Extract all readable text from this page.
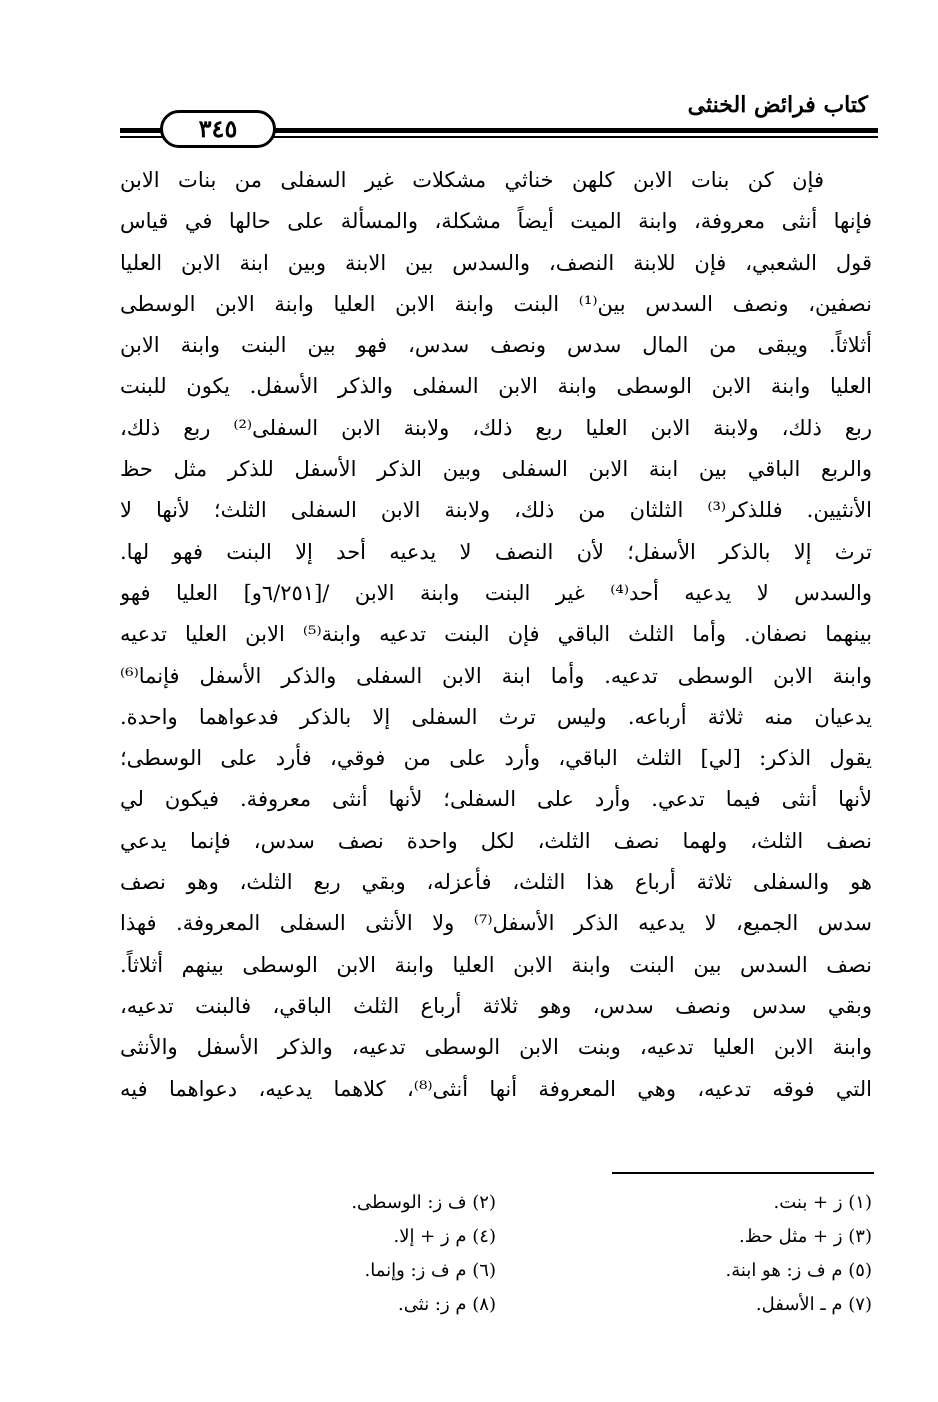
كتاب فرائض الخنثى
٣٤٥
فإن كن بنات الابن كلهن خناثي مشكلات غير السفلى من بنات الابن
فإنها أنثى معروفة، وابنة الميت أيضاً مشكلة، والمسألة على حالها في قياس
قول الشعبي، فإن للابنة النصف، والسدس بين الابنة وبين ابنة الابن العليا
نصفين، ونصف السدس بين⁽¹⁾ البنت وابنة الابن العليا وابنة الابن الوسطى
أثلاثاً. ويبقى من المال سدس ونصف سدس، فهو بين البنت وابنة الابن
العليا وابنة الابن الوسطى وابنة الابن السفلى والذكر الأسفل. يكون للبنت
ربع ذلك، ولابنة الابن العليا ربع ذلك، ولابنة الابن السفلى⁽²⁾ ربع ذلك،
والربع الباقي بين ابنة الابن السفلى وبين الذكر الأسفل للذكر مثل حظ
الأنثيين. فللذكر⁽³⁾ الثلثان من ذلك، ولابنة الابن السفلى الثلث؛ لأنها لا
ترث إلا بالذكر الأسفل؛ لأن النصف لا يدعيه أحد إلا البنت فهو لها.
والسدس لا يدعيه أحد⁽⁴⁾ غير البنت وابنة الابن /[٦/٢٥١و] العليا فهو
بينهما نصفان. وأما الثلث الباقي فإن البنت تدعيه وابنة⁽⁵⁾ الابن العليا تدعيه
وابنة الابن الوسطى تدعيه. وأما ابنة الابن السفلى والذكر الأسفل فإنما⁽⁶⁾
يدعيان منه ثلاثة أرباعه. وليس ترث السفلى إلا بالذكر فدعواهما واحدة.
يقول الذكر: [لي] الثلث الباقي، وأرد على من فوقي، فأرد على الوسطى؛
لأنها أنثى فيما تدعي. وأرد على السفلى؛ لأنها أنثى معروفة. فيكون لي
نصف الثلث، ولهما نصف الثلث، لكل واحدة نصف سدس، فإنما يدعي
هو والسفلى ثلاثة أرباع هذا الثلث، فأعزله، وبقي ربع الثلث، وهو نصف
سدس الجميع، لا يدعيه الذكر الأسفل⁽⁷⁾ ولا الأنثى السفلى المعروفة. فهذا
نصف السدس بين البنت وابنة الابن العليا وابنة الابن الوسطى بينهم أثلاثاً.
وبقي سدس ونصف سدس، وهو ثلاثة أرباع الثلث الباقي، فالبنت تدعيه،
وابنة الابن العليا تدعيه، وبنت الابن الوسطى تدعيه، والذكر الأسفل والأنثى
التي فوقه تدعيه، وهي المعروفة أنها أنثى⁽⁸⁾، كلاهما يدعيه، دعواهما فيه
(١) ز + بنت.
(٢) ف ز: الوسطى.
(٣) ز + مثل حظ.
(٤) م ز + إلا.
(٥) م ف ز: هو ابنة.
(٦) م ف ز: وإنما.
(٧) م ـ الأسفل.
(٨) م ز: نثى.
